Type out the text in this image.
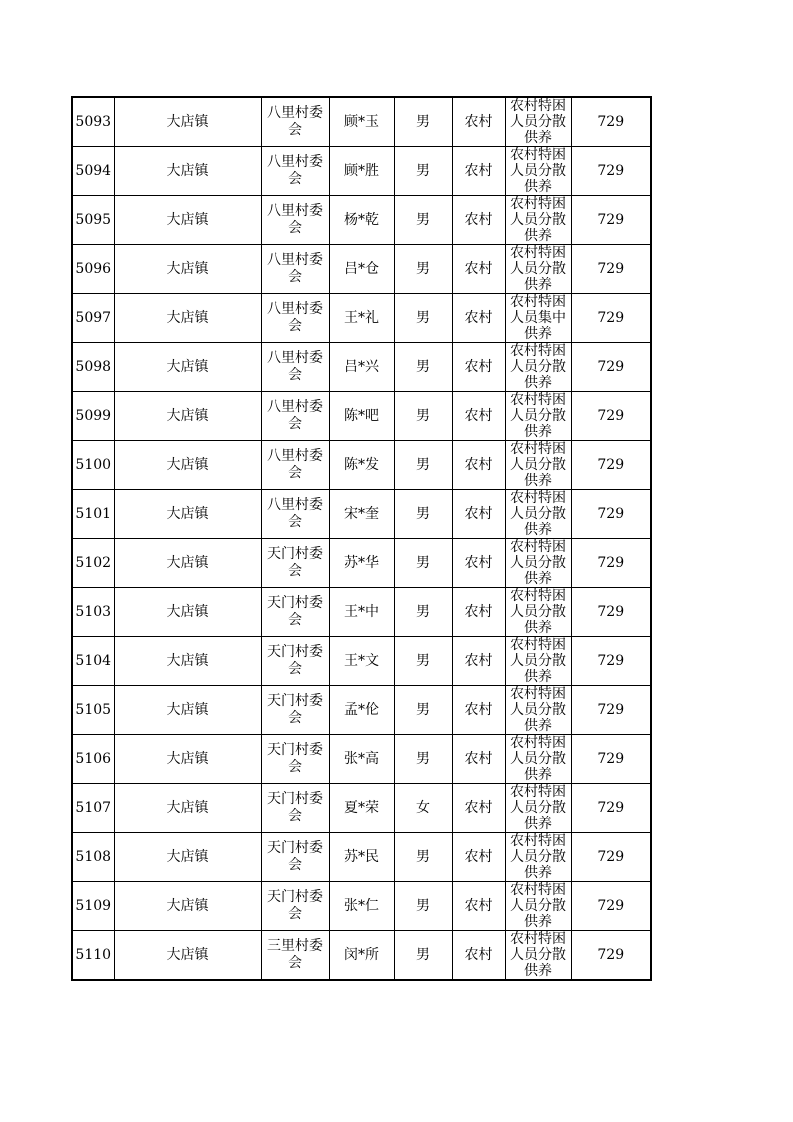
5093	大店镇	八里村委会	顾*玉	男	农村	农村特困人员分散供养	729
5094	大店镇	八里村委会	顾*胜	男	农村	农村特困人员分散供养	729
5095	大店镇	八里村委会	杨*乾	男	农村	农村特困人员分散供养	729
5096	大店镇	八里村委会	吕*仓	男	农村	农村特困人员分散供养	729
5097	大店镇	八里村委会	王*礼	男	农村	农村特困人员集中供养	729
5098	大店镇	八里村委会	吕*兴	男	农村	农村特困人员分散供养	729
5099	大店镇	八里村委会	陈*吧	男	农村	农村特困人员分散供养	729
5100	大店镇	八里村委会	陈*发	男	农村	农村特困人员分散供养	729
5101	大店镇	八里村委会	宋*奎	男	农村	农村特困人员分散供养	729
5102	大店镇	天门村委会	苏*华	男	农村	农村特困人员分散供养	729
5103	大店镇	天门村委会	王*中	男	农村	农村特困人员分散供养	729
5104	大店镇	天门村委会	王*文	男	农村	农村特困人员分散供养	729
5105	大店镇	天门村委会	孟*伦	男	农村	农村特困人员分散供养	729
5106	大店镇	天门村委会	张*高	男	农村	农村特困人员分散供养	729
5107	大店镇	天门村委会	夏*荣	女	农村	农村特困人员分散供养	729
5108	大店镇	天门村委会	苏*民	男	农村	农村特困人员分散供养	729
5109	大店镇	天门村委会	张*仁	男	农村	农村特困人员分散供养	729
5110	大店镇	三里村委会	闵*所	男	农村	农村特困人员分散供养	729
